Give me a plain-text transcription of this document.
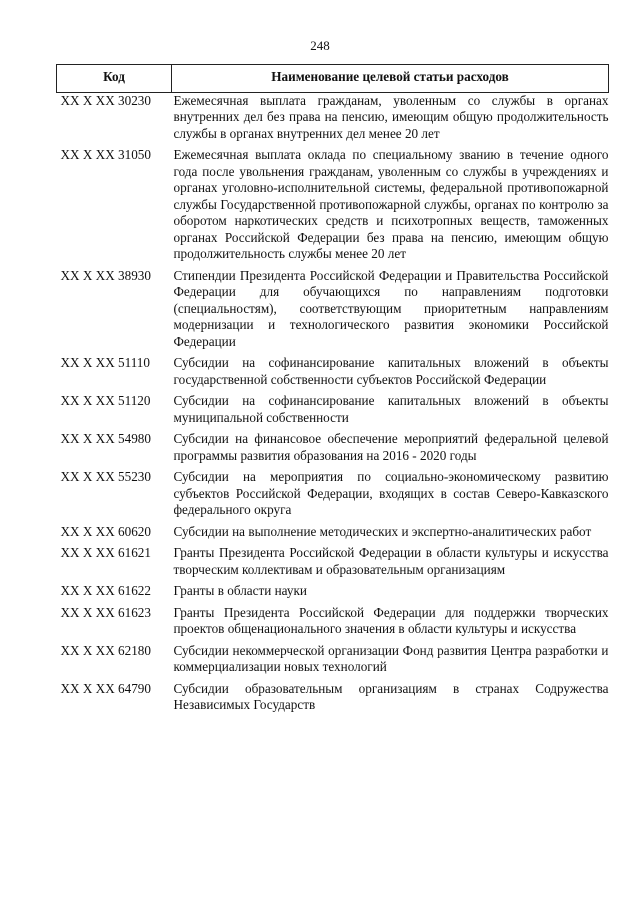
248
Код	Наименование целевой статьи расходов
XX X XX 30230	Ежемесячная выплата гражданам, уволенным со службы в органах внутренних дел без права на пенсию, имеющим общую продолжительность службы в органах внутренних дел менее 20 лет
XX X XX 31050	Ежемесячная выплата оклада по специальному званию в течение одного года после увольнения гражданам, уволенным со службы в учреждениях и органах уголовно-исполнительной системы, федеральной противопожарной службы Государственной противопожарной службы, органах по контролю за оборотом наркотических средств и психотропных веществ, таможенных органах Российской Федерации без права на пенсию, имеющим общую продолжительность службы менее 20 лет
XX X XX 38930	Стипендии Президента Российской Федерации и Правительства Российской Федерации для обучающихся по направлениям подготовки (специальностям), соответствующим приоритетным направлениям модернизации и технологического развития экономики Российской Федерации
XX X XX 51110	Субсидии на софинансирование капитальных вложений в объекты государственной собственности субъектов Российской Федерации
XX X XX 51120	Субсидии на софинансирование капитальных вложений в объекты муниципальной собственности
XX X XX 54980	Субсидии на финансовое обеспечение мероприятий федеральной целевой программы развития образования на 2016 - 2020 годы
XX X XX 55230	Субсидии на мероприятия по социально-экономическому развитию субъектов Российской Федерации, входящих в состав Северо-Кавказского федерального округа
XX X XX 60620	Субсидии на выполнение методических и экспертно-аналитических работ
XX X XX 61621	Гранты Президента Российской Федерации в области культуры и искусства творческим коллективам и образовательным организациям
XX X XX 61622	Гранты в области науки
XX X XX 61623	Гранты Президента Российской Федерации для поддержки творческих проектов общенационального значения в области культуры и искусства
XX X XX 62180	Субсидии некоммерческой организации Фонд развития Центра разработки и коммерциализации новых технологий
XX X XX 64790	Субсидии образовательным организациям в странах Содружества Независимых Государств
